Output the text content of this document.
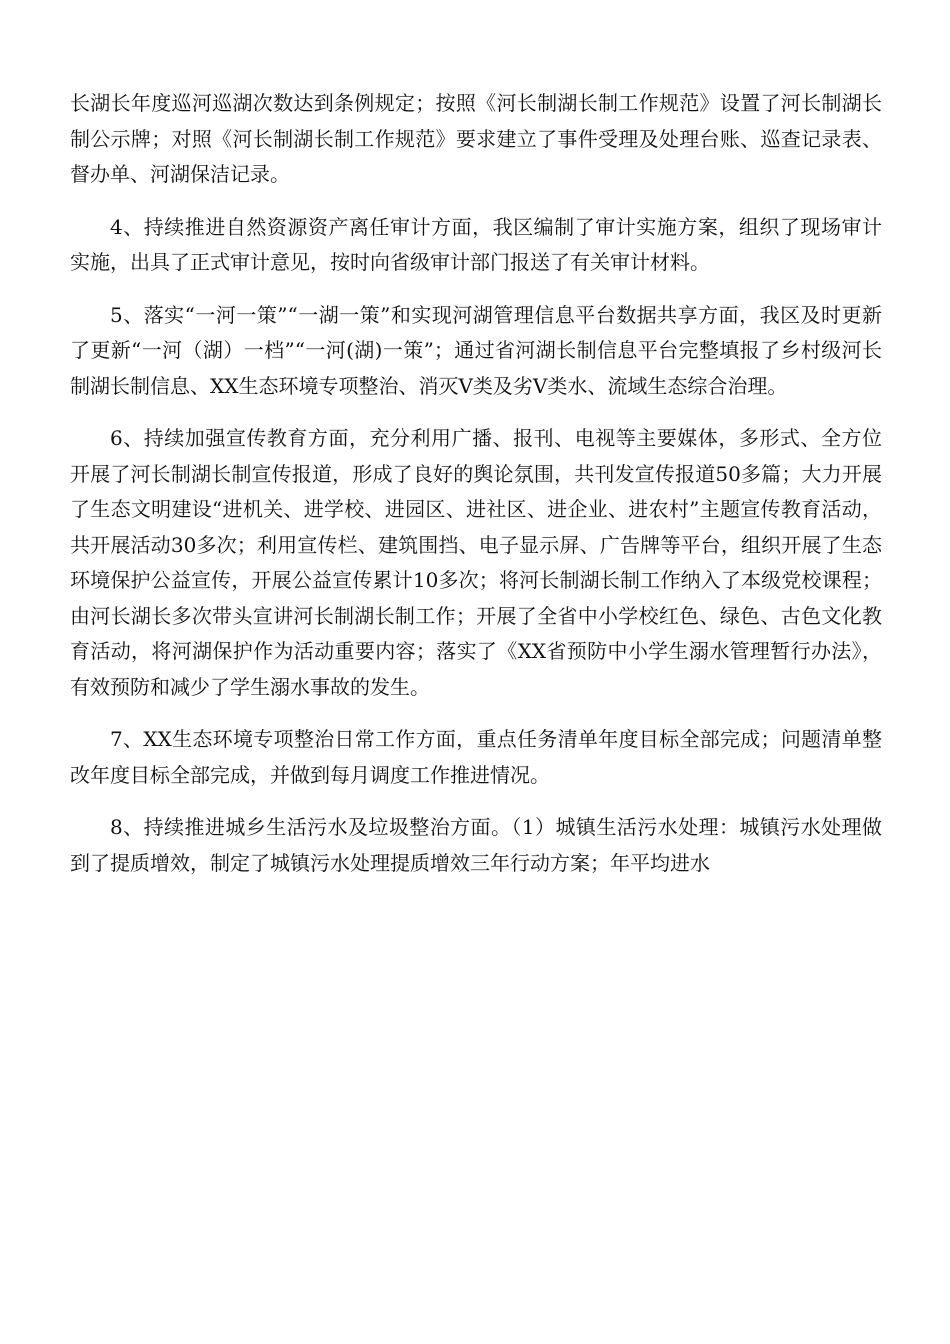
长湖长年度巡河巡湖次数达到条例规定；按照《河长制湖长制工作规范》设置了河长制湖长制公示牌；对照《河长制湖长制工作规范》要求建立了事件受理及处理台账、巡查记录表、督办单、河湖保洁记录。

4、持续推进自然资源资产离任审计方面，我区编制了审计实施方案，组织了现场审计实施，出具了正式审计意见，按时向省级审计部门报送了有关审计材料。

5、落实“一河一策”“一湖一策”和实现河湖管理信息平台数据共享方面，我区及时更新了更新“一河（湖）一档”“一河(湖)一策”；通过省河湖长制信息平台完整填报了乡村级河长制湖长制信息、XX生态环境专项整治、消灭V类及劣V类水、流域生态综合治理。

6、持续加强宣传教育方面，充分利用广播、报刊、电视等主要媒体，多形式、全方位开展了河长制湖长制宣传报道，形成了良好的舆论氛围，共刊发宣传报道50多篇；大力开展了生态文明建设“进机关、进学校、进园区、进社区、进企业、进农村”主题宣传教育活动，共开展活动30多次；利用宣传栏、建筑围挡、电子显示屏、广告牌等平台，组织开展了生态环境保护公益宣传，开展公益宣传累计10多次；将河长制湖长制工作纳入了本级党校课程；由河长湖长多次带头宣讲河长制湖长制工作；开展了全省中小学校红色、绿色、古色文化教育活动，将河湖保护作为活动重要内容；落实了《XX省预防中小学生溺水管理暂行办法》，有效预防和减少了学生溺水事故的发生。

7、XX生态环境专项整治日常工作方面，重点任务清单年度目标全部完成；问题清单整改年度目标全部完成，并做到每月调度工作推进情况。

8、持续推进城乡生活污水及垃圾整治方面。（1）城镇生活污水处理：城镇污水处理做到了提质增效，制定了城镇污水处理提质增效三年行动方案；年平均进水
